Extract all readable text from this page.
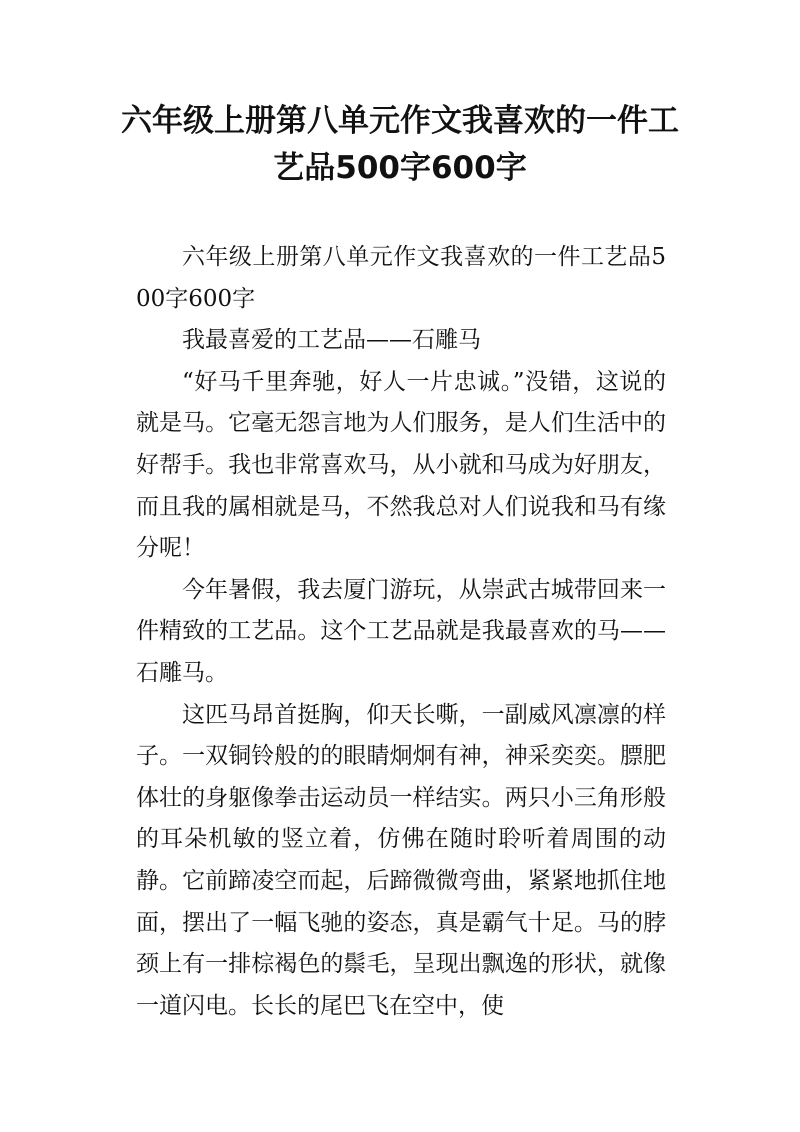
六年级上册第八单元作文我喜欢的一件工艺品500字600字

六年级上册第八单元作文我喜欢的一件工艺品500字600字

我最喜爱的工艺品——石雕马

“好马千里奔驰，好人一片忠诚。”没错，这说的就是马。它毫无怨言地为人们服务，是人们生活中的好帮手。我也非常喜欢马，从小就和马成为好朋友，而且我的属相就是马，不然我总对人们说我和马有缘分呢！

今年暑假，我去厦门游玩，从崇武古城带回来一件精致的工艺品。这个工艺品就是我最喜欢的马——石雕马。

这匹马昂首挺胸，仰天长嘶，一副威风凛凛的样子。一双铜铃般的的眼睛炯炯有神，神采奕奕。膘肥体壮的身躯像拳击运动员一样结实。两只小三角形般的耳朵机敏的竖立着，仿佛在随时聆听着周围的动静。它前蹄凌空而起，后蹄微微弯曲，紧紧地抓住地面，摆出了一幅飞驰的姿态，真是霸气十足。马的脖颈上有一排棕褐色的鬃毛，呈现出飘逸的形状，就像一道闪电。长长的尾巴飞在空中，使
